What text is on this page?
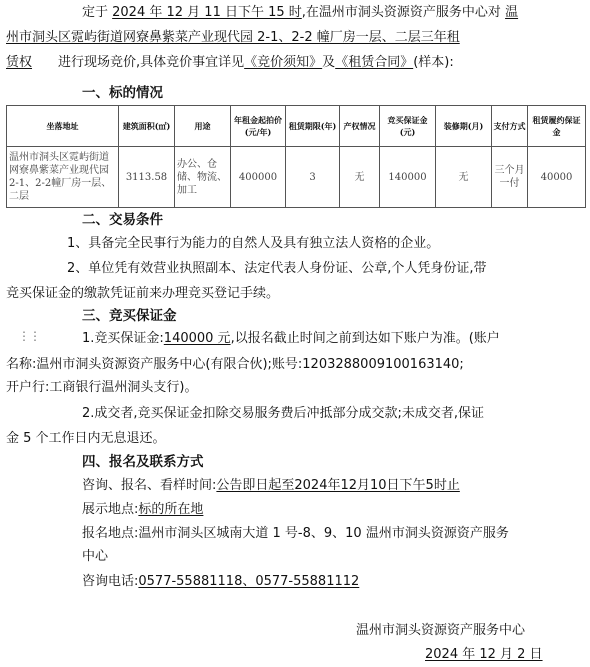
定于 2024 年 12 月 11 日下午 15 时,在温州市洞头资源资产服务中心对 温
州市洞头区霓屿街道网寮鼻紫菜产业现代园 2-1、2-2 幢厂房一层、二层三年租
赁权 进行现场竞价,具体竞价事宜详见《竞价须知》及《租赁合同》(样本):
一、标的情况
坐落地址	建筑面积(㎡)	用途	年租金起拍价(元/年)	租赁期限(年)	产权情况	竞买保证金(元)	装修期(月)	支付方式	租赁履约保证金
温州市洞头区霓屿街道网寮鼻紫菜产业现代园 2-1、2-2幢厂房一层、二层	3113.58	办公、仓储、物流、加工	400000	3	无	140000	无	三个月一付	40000
二、交易条件
1、具备完全民事行为能力的自然人及具有独立法人资格的企业。
2、单位凭有效营业执照副本、法定代表人身份证、公章,个人凭身份证,带
竞买保证金的缴款凭证前来办理竞买登记手续。
三、竞买保证金
⋮⋮	1.竞买保证金:140000 元,以报名截止时间之前到达如下账户为准。(账户
名称:温州市洞头资源资产服务中心(有限合伙);账号:1203288009100163140;
开户行:工商银行温州洞头支行)。
2.成交者,竞买保证金扣除交易服务费后冲抵部分成交款;未成交者,保证
金 5 个工作日内无息退还。
四、报名及联系方式
咨询、报名、看样时间:公告即日起至2024年12月10日下午5时止
展示地点:标的所在地
报名地点:温州市洞头区城南大道 1 号-8、9、10 温州市洞头资源资产服务
中心
咨询电话:0577-55881118、0577-55881112
温州市洞头资源资产服务中心
2024 年 12 月 2 日
